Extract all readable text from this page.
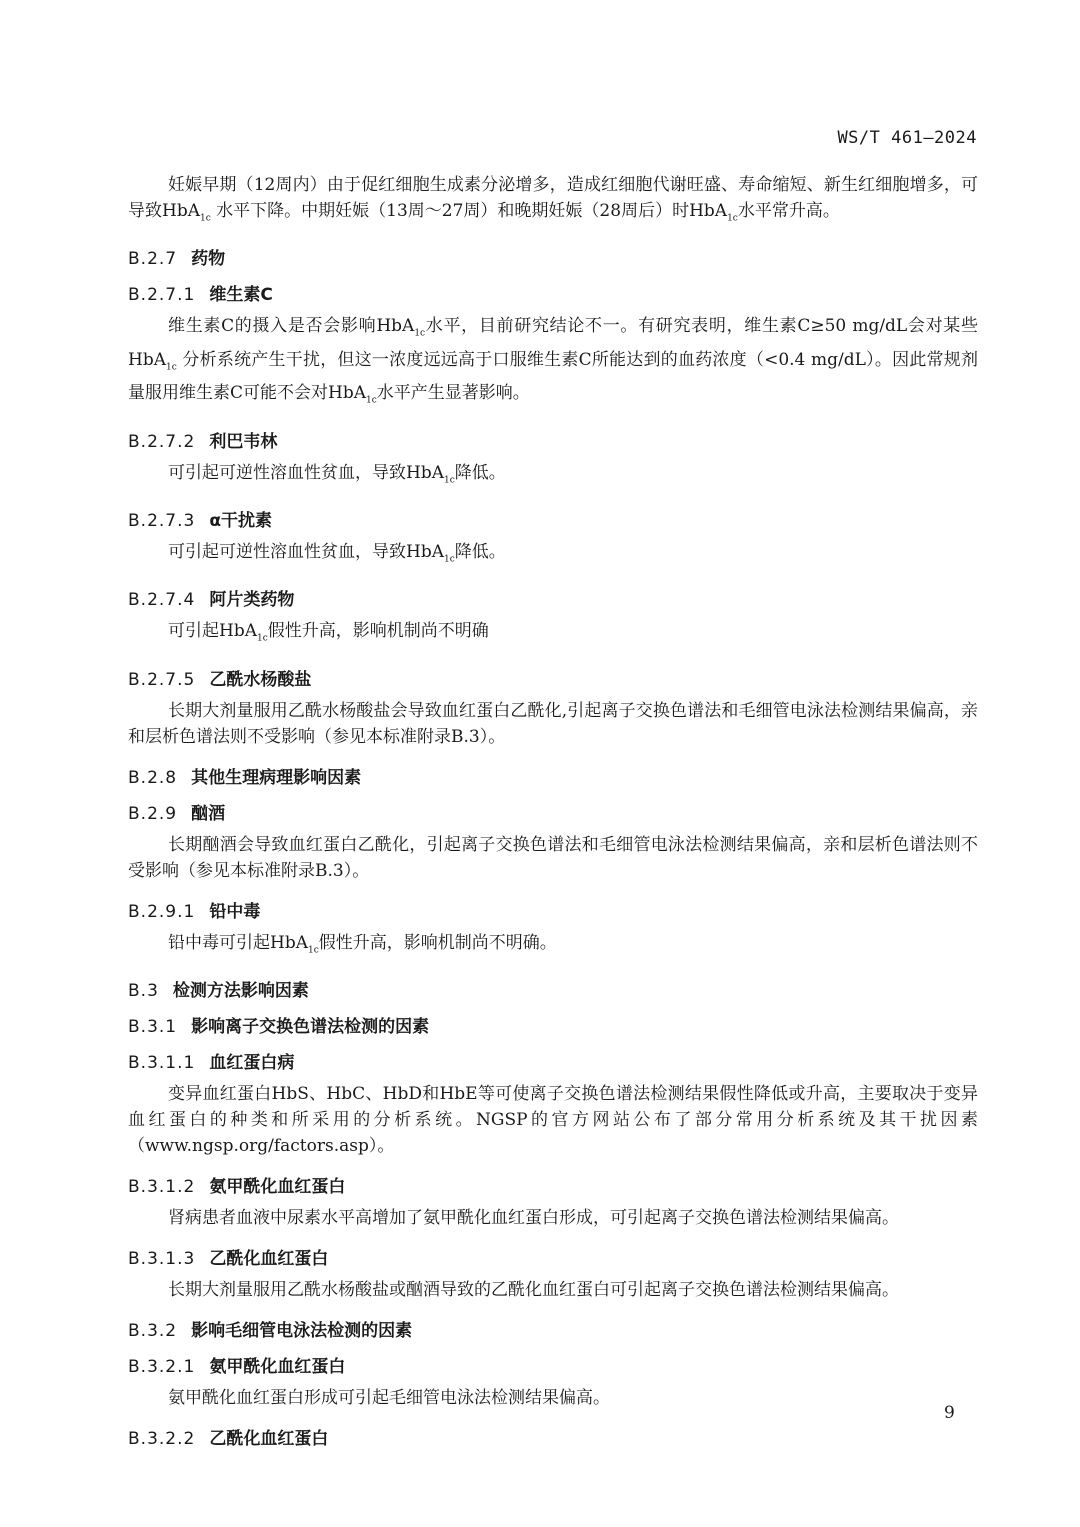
WS/T 461—2024

妊娠早期（12周内）由于促红细胞生成素分泌增多，造成红细胞代谢旺盛、寿命缩短、新生红细胞增多，可导致HbA$_{1c}$ 水平下降。中期妊娠（13周～27周）和晚期妊娠（28周后）时HbA$_{1c}$水平常升高。

B.2.7 药物
B.2.7.1 维生素C

维生素C的摄入是否会影响HbA$_{1c}$水平，目前研究结论不一。有研究表明，维生素C≥50 mg/dL会对某些HbA$_{1c}$ 分析系统产生干扰，但这一浓度远远高于口服维生素C所能达到的血药浓度（<0.4 mg/dL）。因此常规剂量服用维生素C可能不会对HbA$_{1c}$水平产生显著影响。

B.2.7.2 利巴韦林

可引起可逆性溶血性贫血，导致HbA$_{1c}$降低。

B.2.7.3 α干扰素

可引起可逆性溶血性贫血，导致HbA$_{1c}$降低。

B.2.7.4 阿片类药物

可引起HbA$_{1c}$假性升高，影响机制尚不明确

B.2.7.5 乙酰水杨酸盐

长期大剂量服用乙酰水杨酸盐会导致血红蛋白乙酰化,引起离子交换色谱法和毛细管电泳法检测结果偏高，亲和层析色谱法则不受影响（参见本标准附录B.3）。

B.2.8 其他生理病理影响因素
B.2.9 酗酒

长期酗酒会导致血红蛋白乙酰化，引起离子交换色谱法和毛细管电泳法检测结果偏高，亲和层析色谱法则不受影响（参见本标准附录B.3）。

B.2.9.1 铅中毒

铅中毒可引起HbA$_{1c}$假性升高，影响机制尚不明确。

B.3 检测方法影响因素
B.3.1 影响离子交换色谱法检测的因素
B.3.1.1 血红蛋白病

变异血红蛋白HbS、HbC、HbD和HbE等可使离子交换色谱法检测结果假性降低或升高，主要取决于变异血红蛋白的种类和所采用的分析系统。NGSP的官方网站公布了部分常用分析系统及其干扰因素（www.ngsp.org/factors.asp）。

B.3.1.2 氨甲酰化血红蛋白

肾病患者血液中尿素水平高增加了氨甲酰化血红蛋白形成，可引起离子交换色谱法检测结果偏高。

B.3.1.3 乙酰化血红蛋白

长期大剂量服用乙酰水杨酸盐或酗酒导致的乙酰化血红蛋白可引起离子交换色谱法检测结果偏高。

B.3.2 影响毛细管电泳法检测的因素
B.3.2.1 氨甲酰化血红蛋白

氨甲酰化血红蛋白形成可引起毛细管电泳法检测结果偏高。

B.3.2.2 乙酰化血红蛋白
9
